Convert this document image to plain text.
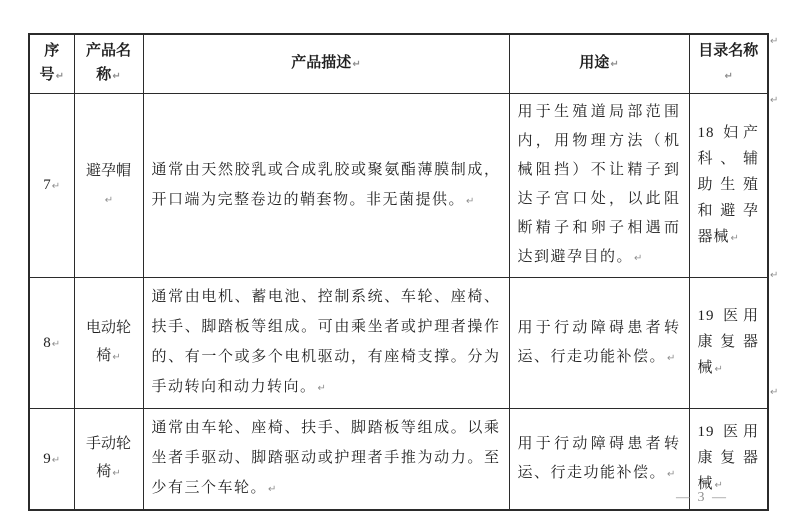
序号↵	产品名称↵	产品描述↵	用途↵	目录名称↵
7↵	避孕帽↵	通常由天然胶乳或合成乳胶或聚氨酯薄膜制成，开口端为完整卷边的鞘套物。非无菌提供。↵	用于生殖道局部范围内，用物理方法（机械阻挡）不让精子到达子宫口处，以此阻断精子和卵子相遇而达到避孕目的。↵	18 妇产科、辅助生殖和避孕器械↵
8↵	电动轮椅↵	通常由电机、蓄电池、控制系统、车轮、座椅、扶手、脚踏板等组成。可由乘坐者或护理者操作的、有一个或多个电机驱动，有座椅支撑。分为手动转向和动力转向。↵	用于行动障碍患者转运、行走功能补偿。↵	19 医用康复器械↵
9↵	手动轮椅↵	通常由车轮、座椅、扶手、脚踏板等组成。以乘坐者手驱动、脚踏驱动或护理者手推为动力。至少有三个车轮。↵	用于行动障碍患者转运、行走功能补偿。↵	19 医用康复器械↵
↵
↵
↵
↵
— 3 —
